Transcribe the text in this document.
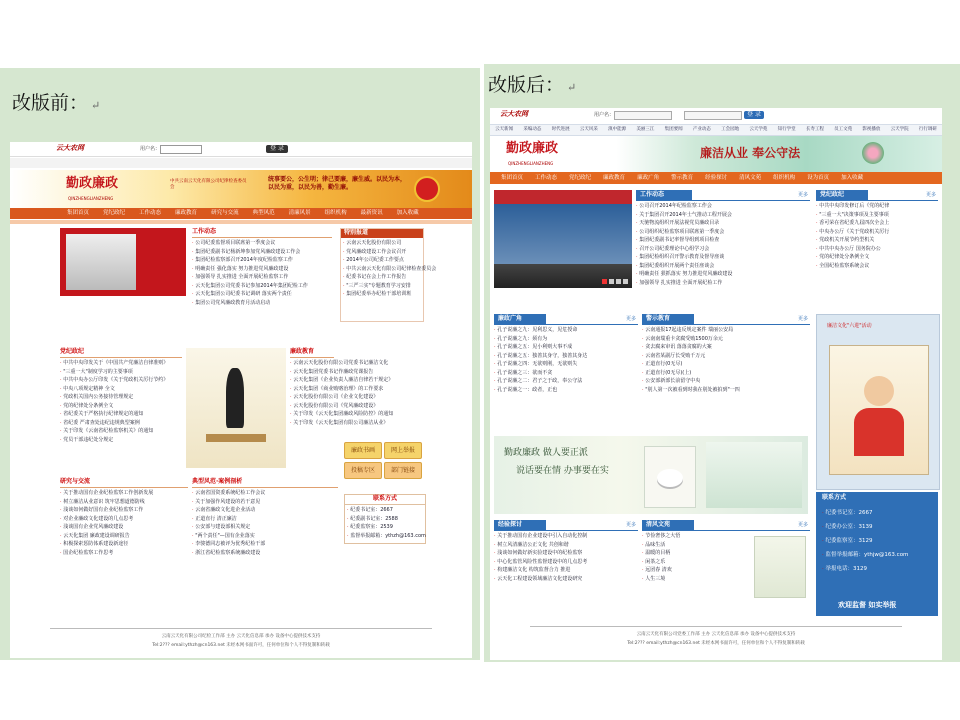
改版前： ↵
云大农网	用户名：	登 录
勤政廉政
QINZHENGLIANZHENG
中共云南云天化有限公司纪律检查委员会
统事要公，公生明；律己要廉，廉生威。以民为本，以民为重，以民为善，勤生廉。
集团首页	党纪政纪	工作动态	廉政教育	研究与交流	典型风范	清廉风景	组织机构	最新资讯	加入收藏
工作动态
· 公司纪委监督项目联席第一季度会议
· 集团纪委副书记杨新坤参加党风廉政建设工作会
· 集团纪检监察部召开2014年度纪检监察工作
· 明确责任 强化落实 努力推进党风廉政建设
· 加强领导 扎实推进 全面开展纪检监察工作
· 云天化集团公司党委书记参加2014年集团纪检工作
· 云天化集团公司纪委书记调研 落实两个责任
· 集团公司党风廉政教育月活动启动
特别报道
· 云南云天化股份有限公司
· 党风廉政建设工作会议召开
· 2014年公司纪委工作要点
· 中共云南云天化有限公司纪律检查委员会
· 纪委书记在会上作工作报告
· "三严三实"专题教育学习安排
· 集团纪委举办纪检干部培训班
党纪政纪
· 中共中央印发关于《中国共产党廉洁自律准则》
· "三重一大"制度学习的主要事项
· 中共中央办公厅印发《关于党政机关厉行节约》
· 中央八项规定精神 全文
· 党政机关国内公务接待管理规定
· 党的纪律处分条例全文
· 省纪委关于严格执行纪律规定的通知
· 省纪委 严肃查处违纪违规典型案例
· 关于印发《云南省纪检监察机关》的通知
· 党员干部违纪处分规定
廉政教育
· 云南云天化股份有限公司党委书记廉洁文化
· 云天化集团党委书记作廉政党课报告
· 云天化集团《企业负责人廉洁自律若干规定》
· 云天化集团《商业贿赂治理》的工作要求
· 云天化股份有限公司《企业文化建设》
· 云天化股份有限公司《党风廉政建设》
· 关于印发《云天化集团廉政风险防控》的通知
· 关于印发《云天化集团有限公司廉洁从业》
廉政书画	网上举报
投稿专区	部门链接
研究与交流
· 关于推动国有企业纪检监察工作创新发展
· 树立廉洁从业意识 筑牢思想道德防线
· 浅谈如何做好国有企业纪检监察工作
· 对企业廉政文化建设的几点思考
· 浅谈国有企业党风廉政建设
· 云天化集团 廉政建设调研报告
· 积极探索惩防体系建设新途径
· 国企纪检监察工作思考
典型风范·案例剖析
· 云南省国资委系统纪检工作会议
· 关于加强作风建设的若干意见
· 云南省廉政文化进企业活动
· 正道直行 清正廉洁
· 公安部与建设部相关规定
· "两个责任"—国有企业落实
· 李骏德同志被评为优秀纪检干部
· 浙江省纪检监察系统廉政建设
联系方式
· 纪委书记室：2667
· 纪委副书记室：2588
· 纪委监察室：2539
· 监督举报邮箱：ythzh@163.com
云南云天化有限公司纪检工作部 主办 云天化信息部 承办 设备中心提供技术支持
Tel:2??? email:ythzh@cn163.net 未经本网书面许可，任何单位和个人不得复制和转载
改版后： ↵
云大农网	用户名：	登 录
云天新闻 采编动态 时代进展 云天风采 滇中能源 美丽三江 集团要闻 产业动态 工会园地 云天学苑 知行学堂 长寿工程 员工文苑 影视播放 云天学院 行行调研
勤政廉政
QINZHENGLIANZHENG
廉洁从业 奉公守法
集团首页	工作动态	党纪政纪	廉政教育	廉政广角	警示教育	经验探讨	清风文苑	组织机构	设为首页	加入收藏
工作动态	更多
· 公司召开2014年纪检监察工作会
· 关于集团召开2014年士气推动工程开展会
· 天驰物流组织开展法视党员廉政目录
· 公司组织纪检监察项目联席第一季度会
· 集团纪委副书记率督导组到项目检查
· 召开公司纪委理论中心组学习会
· 集团纪检组织召开警示教育及督导座谈
· 集团纪委组织开展两个责任座谈会
· 明确责任 狠抓落实 努力推进党风廉政建设
· 加强领导 扎实推进 全面开展纪检工作
党纪政纪	更多
· 中共中央印发修订后《党的纪律
· "三重一大"决策事项及主要事项
· 香可荣在省纪委九届四次全会上
· 中央办公厅《关于党政机关厉行
· 党政机关开展节约型机关
· 中共中央办公厅 国务院办公
· 党的纪律处分条例全文
· 全国纪检监察系统会议
廉政广角	更多
· 孔子说廉之九：见利思义，见危授命
· 孔子说廉之九：须有为
· 孔子说廉之五：见小利则大事不成
· 孔子说廉之五：独善其身守，独善其身达
· 孔子说廉之四：无欲则刚，无欲则失
· 孔子说廉之三：欲而不贪
· 孔子说廉之二：君子之于政，奉公守法
· 孔子说廉之一：政者，正也
警示教育	更多
· 云南通报17起违反规定案件 瑞丽公安局
· 云南南瑞重卡贪腐受贿1500万余元
· 贪去腐来审讯 落落贪腐的大案
· 云南省某副厅长受贿千万元
· 正道直行(0无尽)
· 正道直行(0无尽)(上)
· 公安部新部长前留守中央
· "别人第一次被看到时我在别处被拍到"一四
廉洁文化"六进"活动
勤政廉政 做人要正派
说话要在情 办事要在实
联系方式
· 纪委书记室：2667
· 纪委办公室：3139
· 纪委监察室：3129
· 监督举报邮箱：ythjw@163.com
· 举报电话：3129
欢迎监督 如实举报
经验探讨	更多
· 关于推动国有企业建设中引入自动化控制
· 树立风清廉洁公正文化 共创和谐
· 浅谈如何做好新实验建设中的纪检监察
· 中心化监管风险性监督建设中的几点思考
· 构建廉洁文化 构筑监督合力 推进
· 云天化工程建设领域廉洁文化建设研究
清风文苑	更多
· 节俭奢侈之大悟
· 品味生活
· 温暖的目柄
· 闲茶之乐
· 远团春 清欢
· 人生三境
云南云天化有限公司党委工作部 主办 云天化信息部 承办 设备中心提供技术支持
Tel:2??? email:ythzh@cn163.net 未经本网书面许可，任何单位和个人不得复制和转载
